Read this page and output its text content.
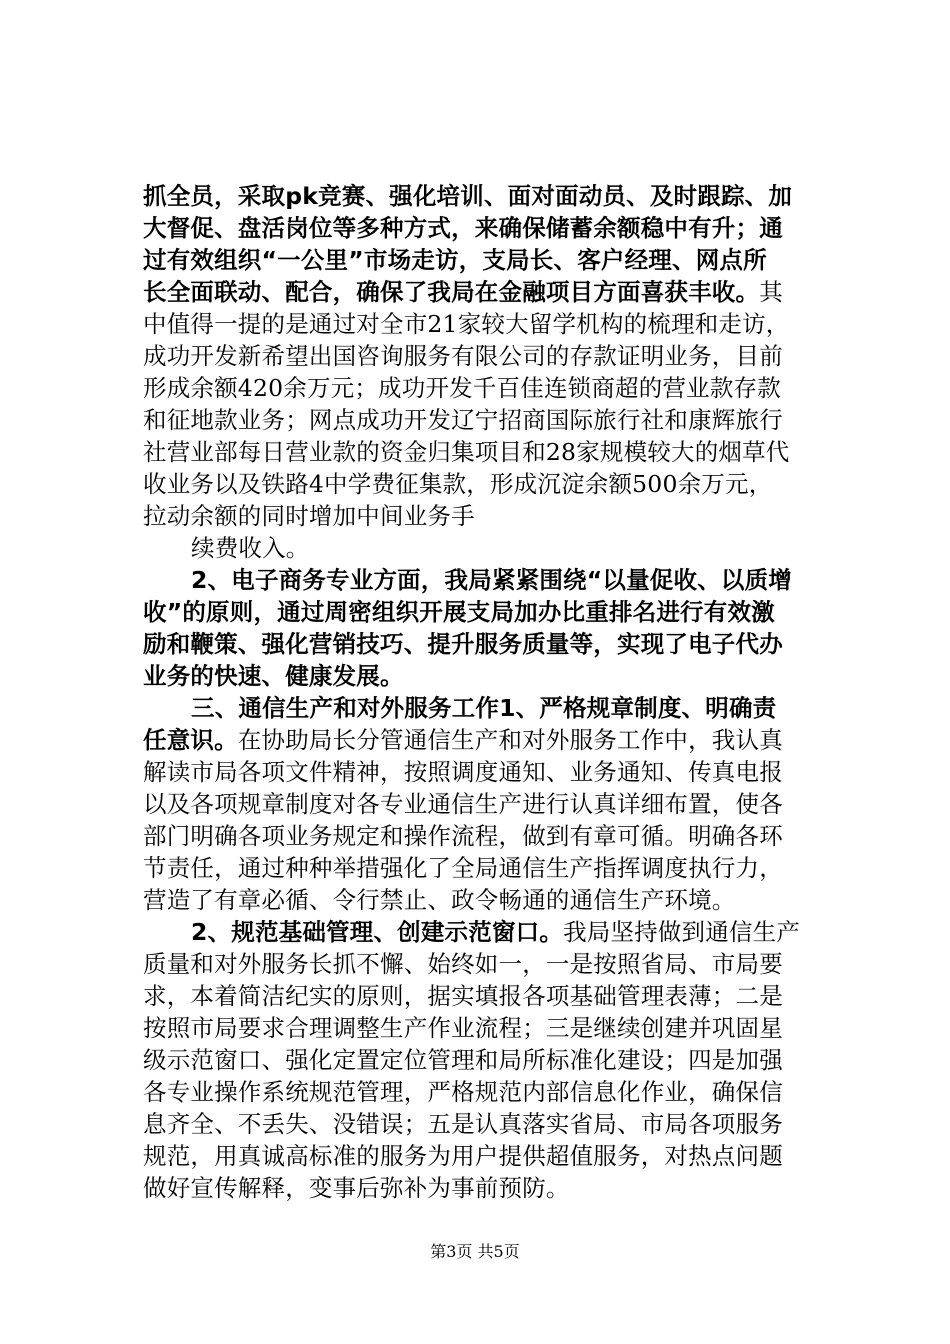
抓全员，采取pk竞赛、强化培训、面对面动员、及时跟踪、加
大督促、盘活岗位等多种方式，来确保储蓄余额稳中有升；通
过有效组织“一公里”市场走访，支局长、客户经理、网点所
长全面联动、配合，确保了我局在金融项目方面喜获丰收。其
中值得一提的是通过对全市21家较大留学机构的梳理和走访，
成功开发新希望出国咨询服务有限公司的存款证明业务，目前
形成余额420余万元；成功开发千百佳连锁商超的营业款存款
和征地款业务；网点成功开发辽宁招商国际旅行社和康辉旅行
社营业部每日营业款的资金归集项目和28家规模较大的烟草代
收业务以及铁路4中学费征集款，形成沉淀余额500余万元，
拉动余额的同时增加中间业务手
续费收入。
2、电子商务专业方面，我局紧紧围绕“以量促收、以质增
收”的原则，通过周密组织开展支局加办比重排名进行有效激
励和鞭策、强化营销技巧、提升服务质量等，实现了电子代办
业务的快速、健康发展。
三、通信生产和对外服务工作1、严格规章制度、明确责
任意识。在协助局长分管通信生产和对外服务工作中，我认真
解读市局各项文件精神，按照调度通知、业务通知、传真电报
以及各项规章制度对各专业通信生产进行认真详细布置，使各
部门明确各项业务规定和操作流程，做到有章可循。明确各环
节责任，通过种种举措强化了全局通信生产指挥调度执行力，
营造了有章必循、令行禁止、政令畅通的通信生产环境。
2、规范基础管理、创建示范窗口。我局坚持做到通信生产
质量和对外服务长抓不懈、始终如一，一是按照省局、市局要
求，本着简洁纪实的原则，据实填报各项基础管理表薄；二是
按照市局要求合理调整生产作业流程；三是继续创建并巩固星
级示范窗口、强化定置定位管理和局所标准化建设；四是加强
各专业操作系统规范管理，严格规范内部信息化作业，确保信
息齐全、不丢失、没错误；五是认真落实省局、市局各项服务
规范，用真诚高标准的服务为用户提供超值服务，对热点问题
做好宣传解释，变事后弥补为事前预防。
第3页 共5页
